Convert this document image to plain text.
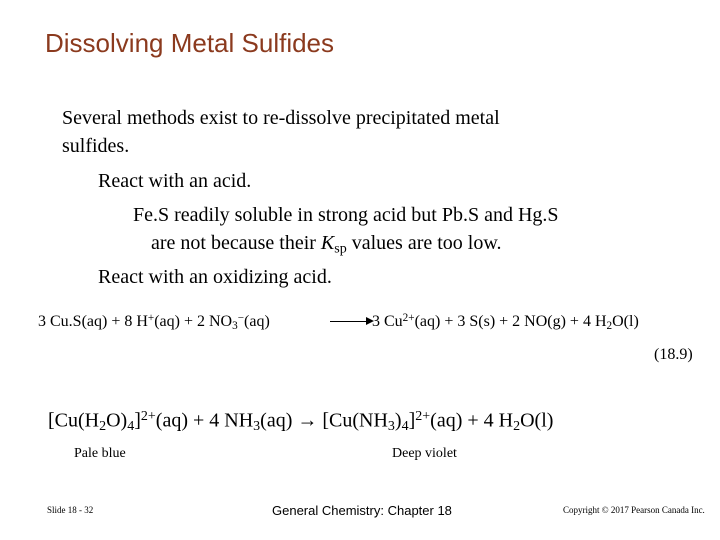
Dissolving Metal Sulfides
Several methods exist to re-dissolve precipitated metal
sulfides.
React with an acid.
Fe.S readily soluble in strong acid but Pb.S and Hg.S
are not because their $K_{sp}$ values are too low.
React with an oxidizing acid.
3 Cu.S(aq) + 8 H+(aq) + 2 $NO_3^-(aq)$	3 $Cu^{2+}(aq) + 3$ S(s) + 2 NO(g) + 4 $H_2O(l)$
(18.9)
$[Cu(H_2O)_4]^{2+}(aq) + 4$ $NH_3(aq) \to [Cu(NH_3)_4]^{2+}(aq) + 4$ $H_2O(l)$
Pale blue	Deep violet
Slide 18 - 32	General Chemistry: Chapter 18	Copyright © 2017 Pearson Canada Inc.
